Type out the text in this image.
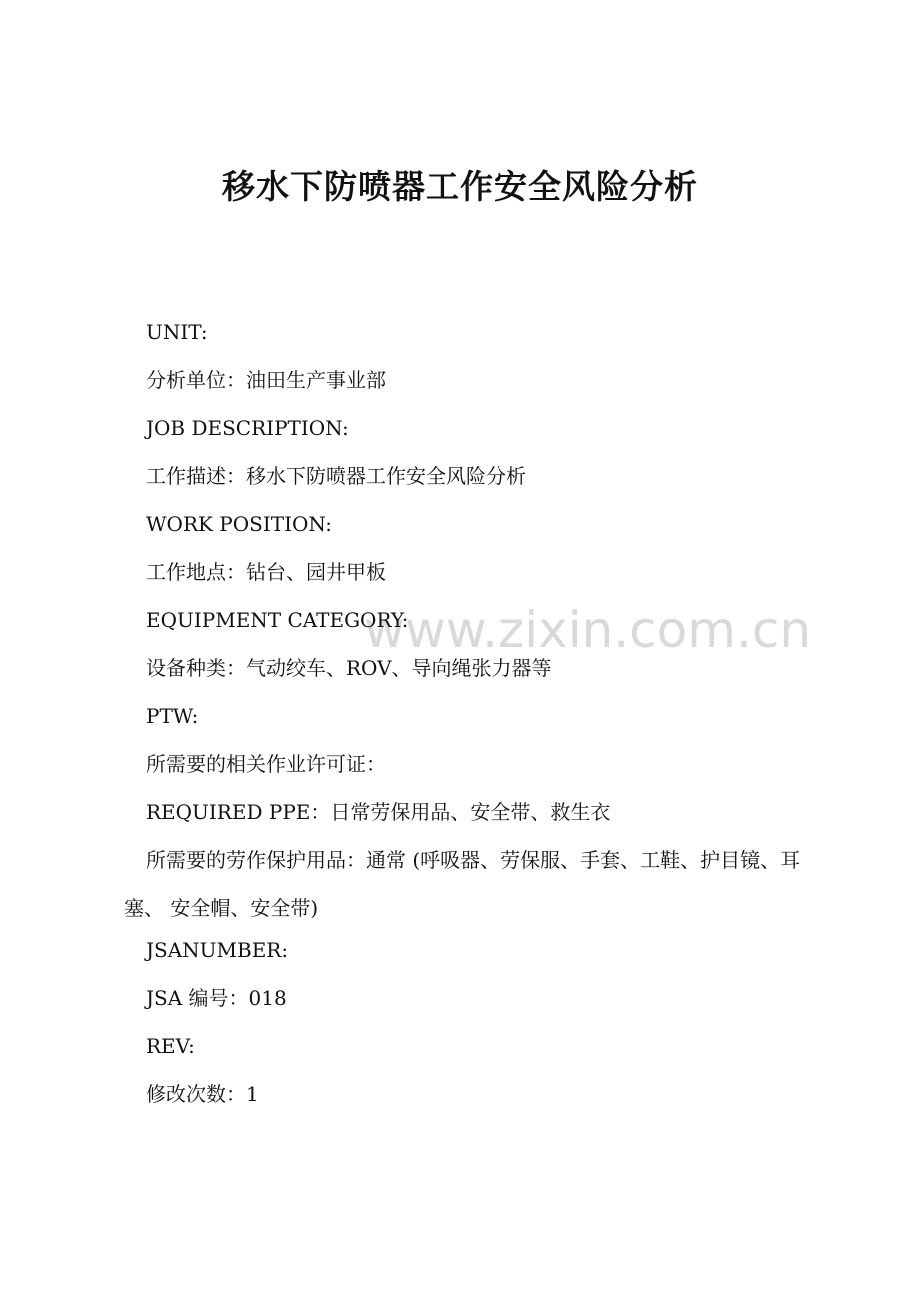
移水下防喷器工作安全风险分析
www.zixin.com.cn
UNIT:
分析单位：油田生产事业部
JOB DESCRIPTION:
工作描述：移水下防喷器工作安全风险分析
WORK POSITION:
工作地点：钻台、园井甲板
EQUIPMENT CATEGORY:
设备种类：气动绞车、ROV、导向绳张力器等
PTW:
所需要的相关作业许可证：
REQUIRED PPE：日常劳保用品、安全带、救生衣
所需要的劳作保护用品：通常 (呼吸器、劳保服、手套、工鞋、护目镜、耳塞、 安全帽、安全带)
JSANUMBER:
JSA 编号：018
REV:
修改次数：1
